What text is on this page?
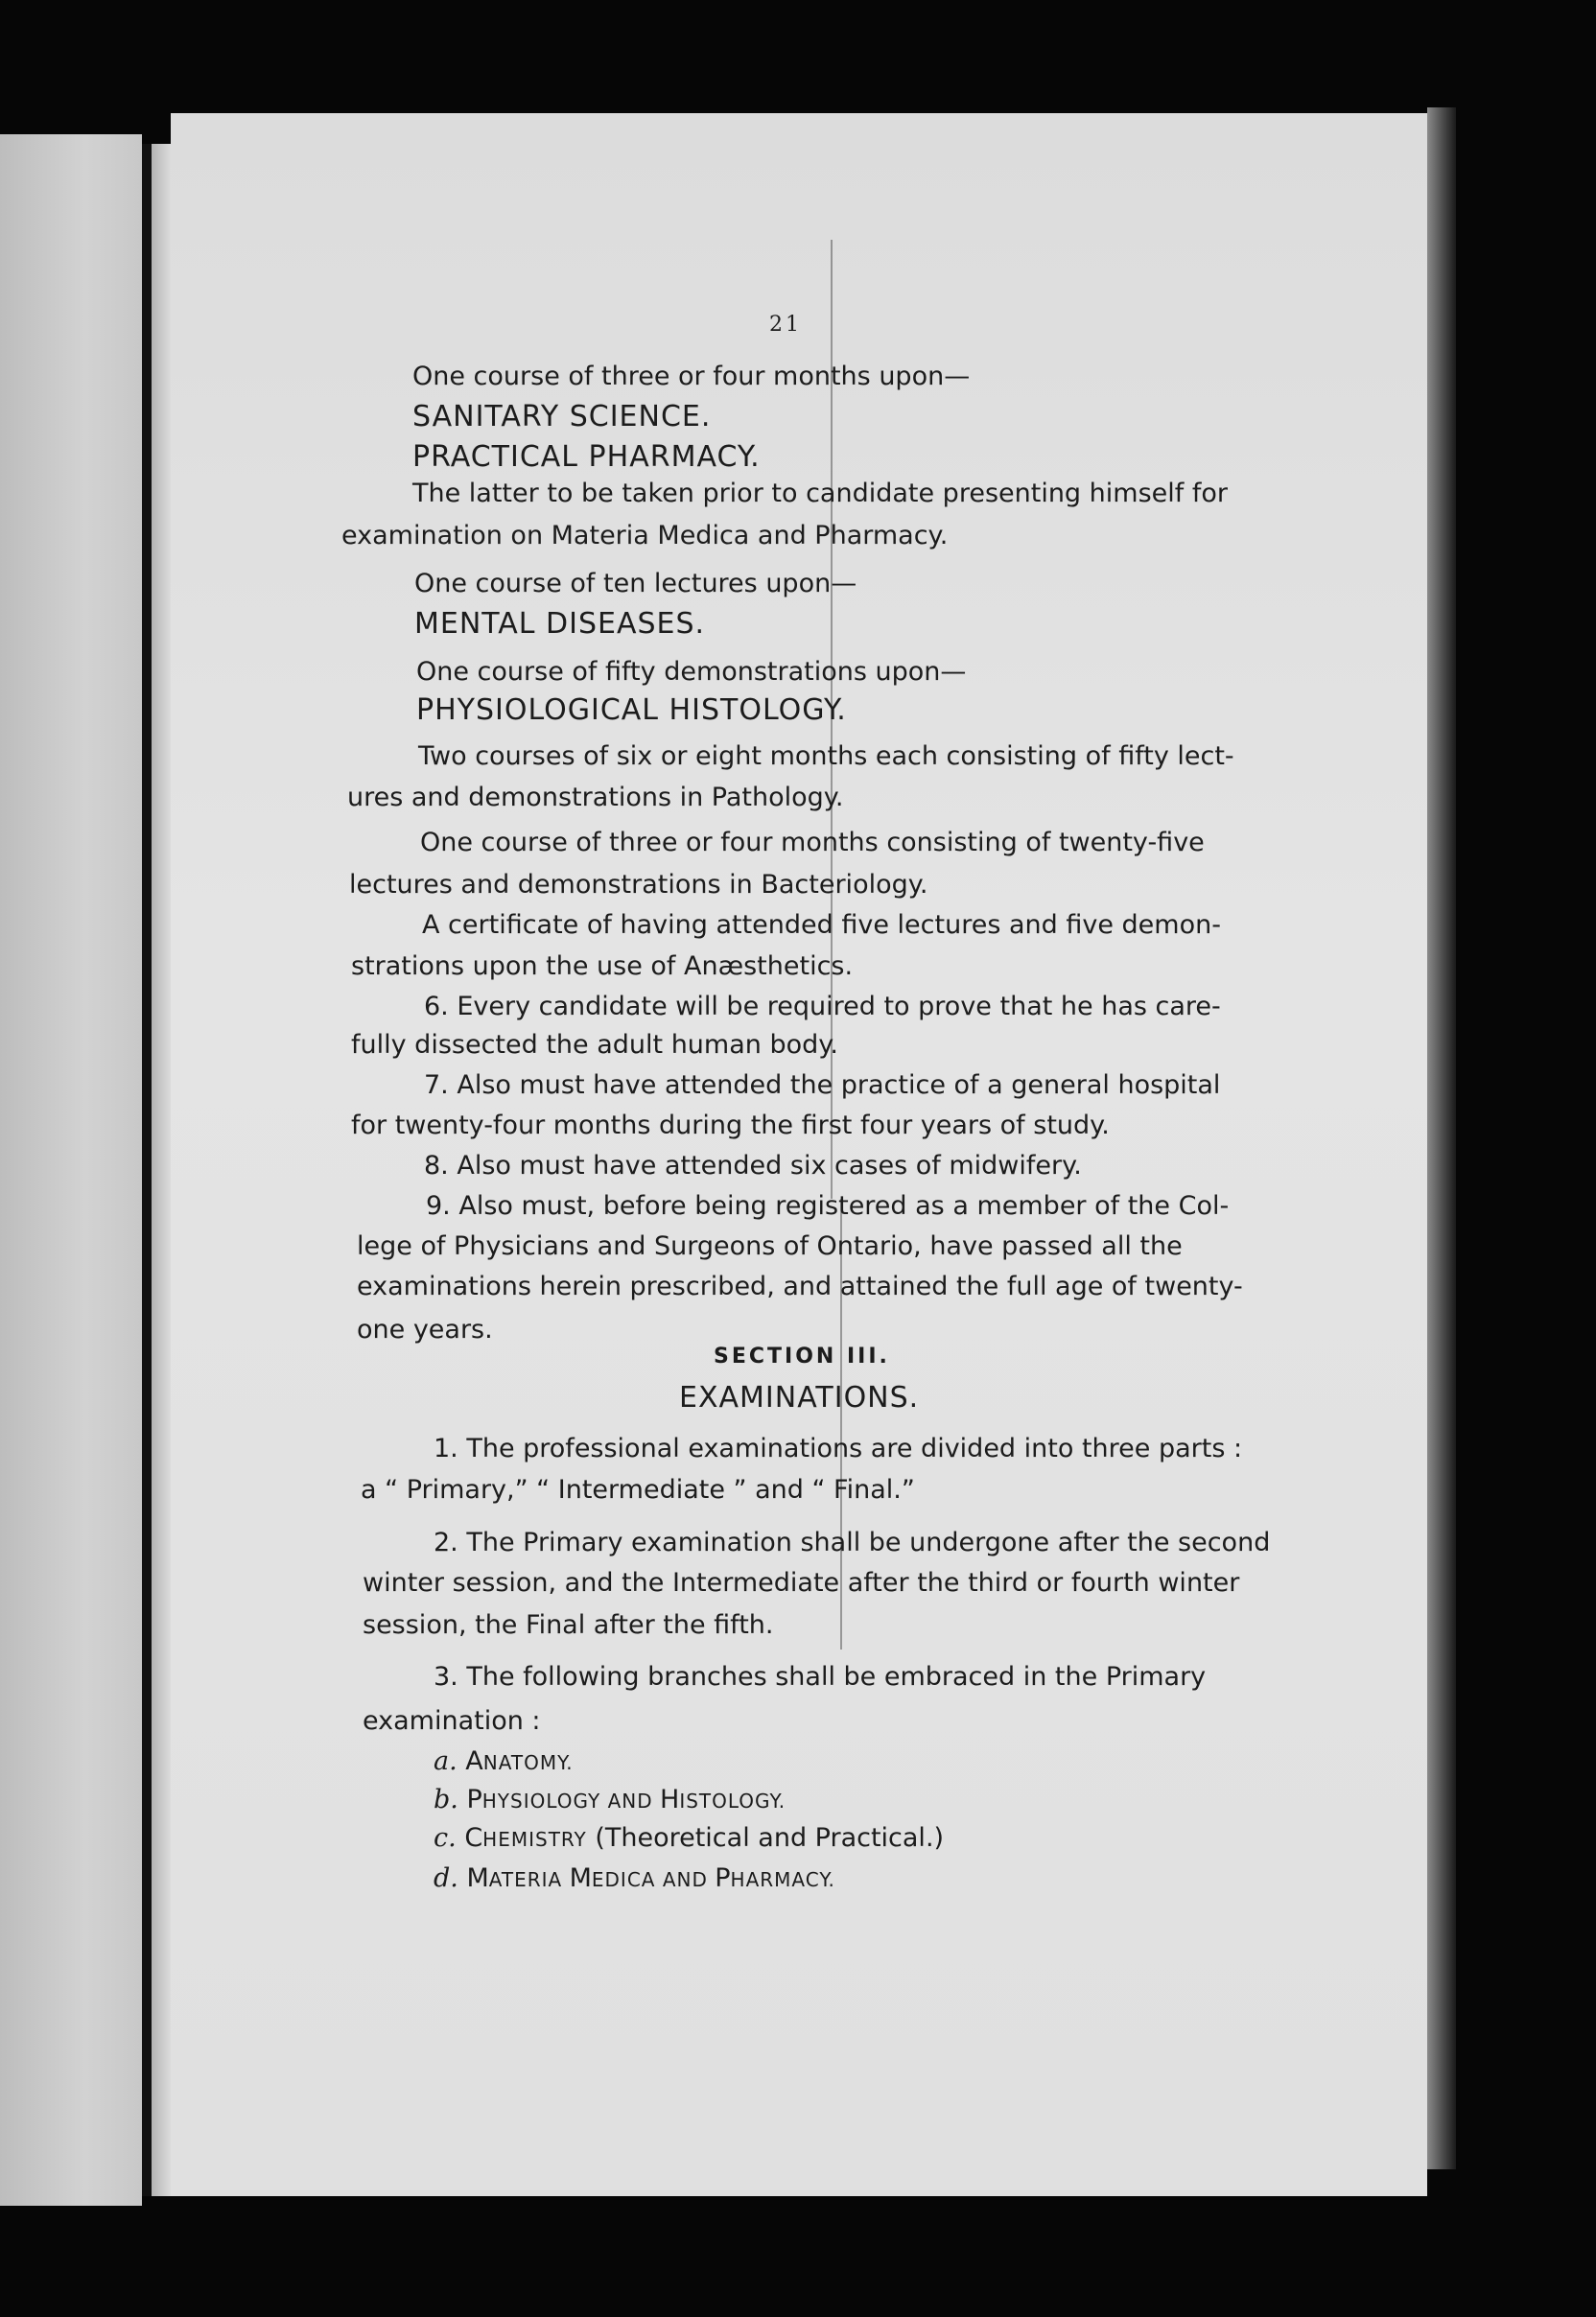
21
One course of three or four months upon—
SANITARY SCIENCE.
PRACTICAL PHARMACY.
The latter to be taken prior to candidate presenting himself for
examination on Materia Medica and Pharmacy.
One course of ten lectures upon—
MENTAL DISEASES.
One course of fifty demonstrations upon—
PHYSIOLOGICAL HISTOLOGY.
Two courses of six or eight months each consisting of fifty lect-
ures and demonstrations in Pathology.
One course of three or four months consisting of twenty-five
lectures and demonstrations in Bacteriology.
A certificate of having attended five lectures and five demon-
strations upon the use of Anæsthetics.
6. Every candidate will be required to prove that he has care-
fully dissected the adult human body.
7. Also must have attended the practice of a general hospital
for twenty-four months during the first four years of study.
8. Also must have attended six cases of midwifery.
9. Also must, before being registered as a member of the Col-
lege of Physicians and Surgeons of Ontario, have passed all the
examinations herein prescribed, and attained the full age of twenty-
one years.
SECTION III.
EXAMINATIONS.
1. The professional examinations are divided into three parts :
a “ Primary,” “ Intermediate ” and “ Final.”
2. The Primary examination shall be undergone after the second
winter session, and the Intermediate after the third or fourth winter
session, the Final after the fifth.
3. The following branches shall be embraced in the Primary
examination :
a. ANATOMY.
b. PHYSIOLOGY AND HISTOLOGY.
c. CHEMISTRY (Theoretical and Practical.)
d. MATERIA MEDICA AND PHARMACY.
